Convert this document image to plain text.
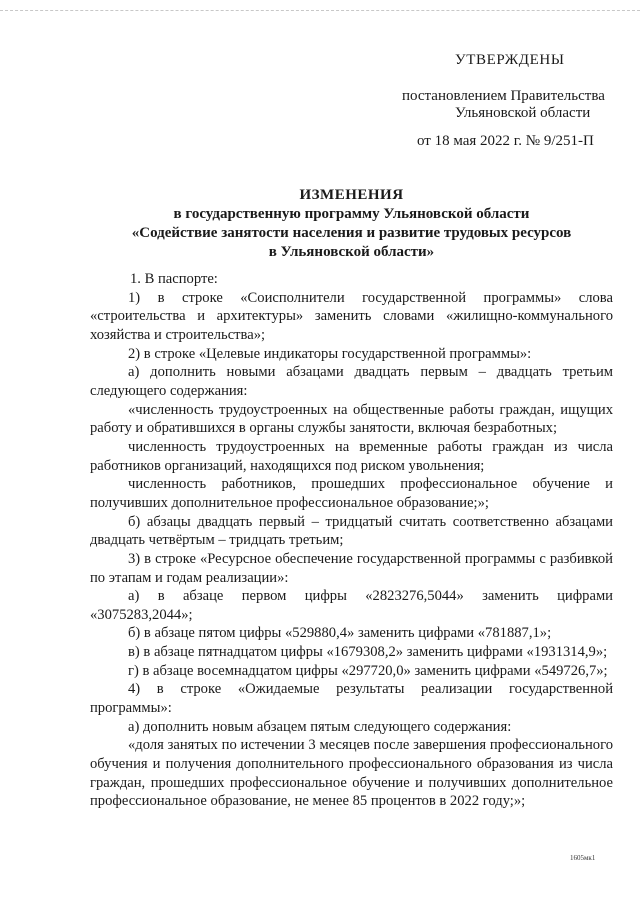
УТВЕРЖДЕНЫ
постановлением Правительства
Ульяновской области
от 18 мая 2022 г. № 9/251-П
ИЗМЕНЕНИЯ
в государственную программу Ульяновской области
«Содействие занятости населения и развитие трудовых ресурсов
в Ульяновской области»

1. В паспорте:

1) в строке «Соисполнители государственной программы» слова «строительства и архитектуры» заменить словами «жилищно-коммунального хозяйства и строительства»;

2) в строке «Целевые индикаторы государственной программы»:

а) дополнить новыми абзацами двадцать первым – двадцать третьим следующего содержания:

«численность трудоустроенных на общественные работы граждан, ищущих работу и обратившихся в органы службы занятости, включая безработных;

численность трудоустроенных на временные работы граждан из числа работников организаций, находящихся под риском увольнения;

численность работников, прошедших профессиональное обучение и получивших дополнительное профессиональное образование;»;

б) абзацы двадцать первый – тридцатый считать соответственно абзацами двадцать четвёртым – тридцать третьим;

3) в строке «Ресурсное обеспечение государственной программы с разбивкой по этапам и годам реализации»:

а) в абзаце первом цифры «2823276,5044» заменить цифрами «3075283,2044»;

б) в абзаце пятом цифры «529880,4» заменить цифрами «781887,1»;

в) в абзаце пятнадцатом цифры «1679308,2» заменить цифрами «1931314,9»;

г) в абзаце восемнадцатом цифры «297720,0» заменить цифрами «549726,7»;

4) в строке «Ожидаемые результаты реализации государственной программы»:

а) дополнить новым абзацем пятым следующего содержания:

«доля занятых по истечении 3 месяцев после завершения профессионального обучения и получения дополнительного профессионального образования из числа граждан, прошедших профессиональное обучение и получивших дополнительное профессиональное образование, не менее 85 процентов в 2022 году;»;

1605мк1
